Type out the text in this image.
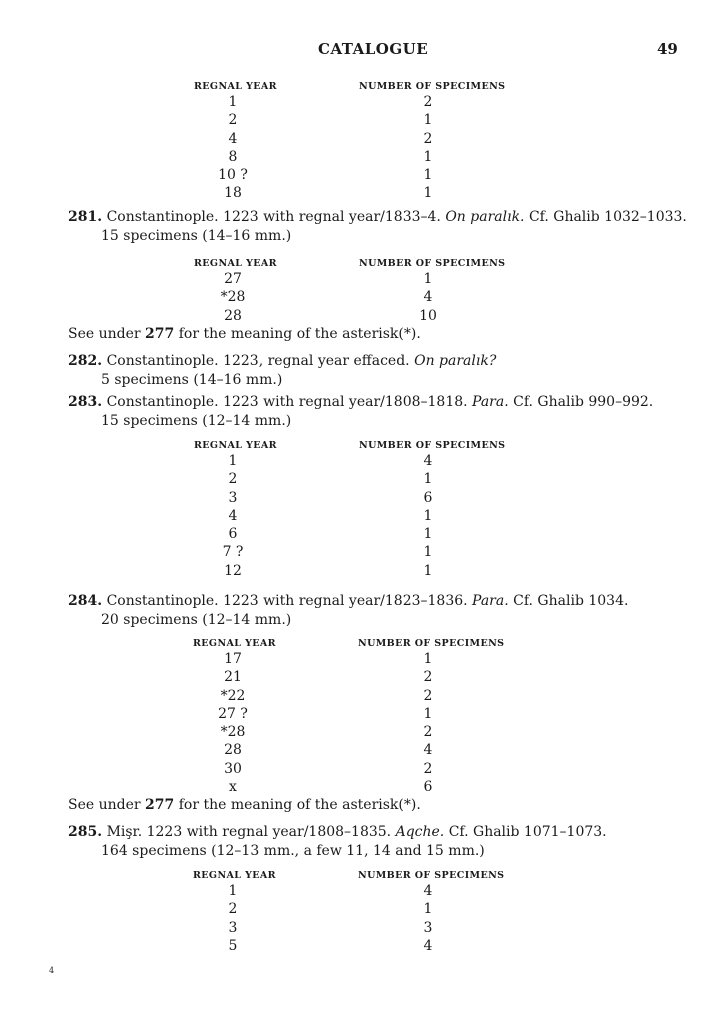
CATALOGUE	49
REGNAL YEAR	NUMBER OF SPECIMENS
1	2
2	1
4	2
8	1
10 ?	1
18	1
281. Constantinople. 1223 with regnal year/1833–4. On paralık. Cf. Ghalib 1032–1033.
15 specimens (14–16 mm.)
REGNAL YEAR	NUMBER OF SPECIMENS
27	1
*28	4
28	10
See under 277 for the meaning of the asterisk(*).
282. Constantinople. 1223, regnal year effaced. On paralık?
5 specimens (14–16 mm.)
283. Constantinople. 1223 with regnal year/1808–1818. Para. Cf. Ghalib 990–992.
15 specimens (12–14 mm.)
REGNAL YEAR	NUMBER OF SPECIMENS
1	4
2	1
3	6
4	1
6	1
7 ?	1
12	1
284. Constantinople. 1223 with regnal year/1823–1836. Para. Cf. Ghalib 1034.
20 specimens (12–14 mm.)
REGNAL YEAR	NUMBER OF SPECIMENS
17	1
21	2
*22	2
27 ?	1
*28	2
28	4
30	2
x	6
See under 277 for the meaning of the asterisk(*).
285. Mişr. 1223 with regnal year/1808–1835. Aqche. Cf. Ghalib 1071–1073.
164 specimens (12–13 mm., a few 11, 14 and 15 mm.)
REGNAL YEAR	NUMBER OF SPECIMENS
1	4
2	1
3	3
5	4
4
